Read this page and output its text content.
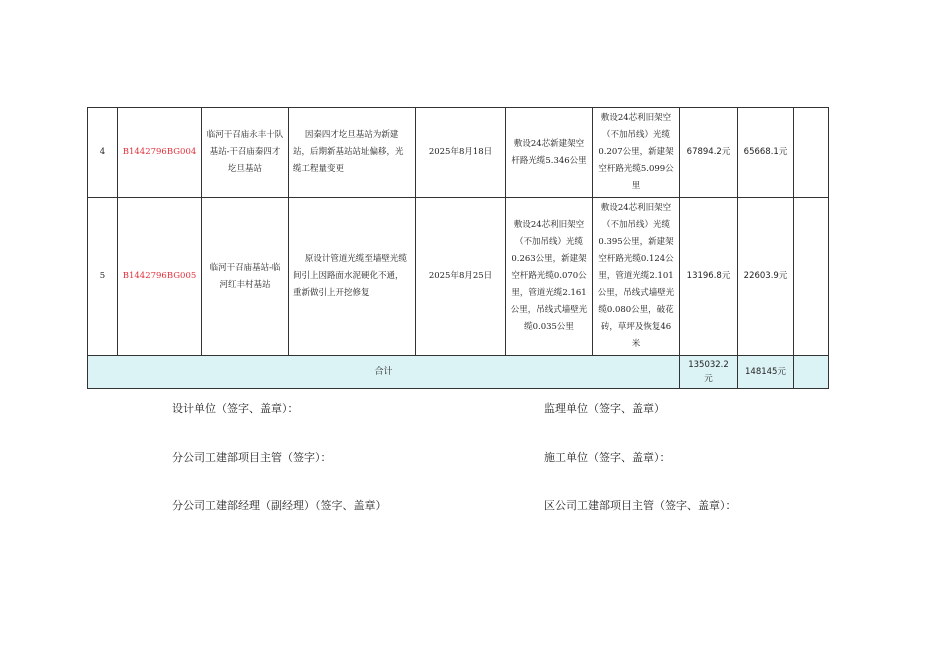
4	B1442796BG004	临河干召庙永丰十队基站-干召庙秦四才圪旦基站	因秦四才圪旦基站为新建站，后期新基站站址偏移，光缆工程量变更	2025年8月18日	敷设24芯新建架空杆路光缆5.346公里	敷设24芯利旧架空（不加吊线）光缆0.207公里，新建架空杆路光缆5.099公里	67894.2元	65668.1元	
5	B1442796BG005	临河干召庙基站-临河红丰村基站	原设计管道光缆至墙壁光缆间引上因路面水泥硬化不通，重新做引上开挖修复	2025年8月25日	敷设24芯利旧架空（不加吊线）光缆0.263公里，新建架空杆路光缆0.070公里，管道光缆2.161公里，吊线式墙壁光缆0.035公里	敷设24芯利旧架空（不加吊线）光缆0.395公里，新建架空杆路光缆0.124公里，管道光缆2.101公里，吊线式墙壁光缆0.080公里，破花砖，草坪及恢复46米	13196.8元	22603.9元	
合计							135032.2元	148145元	
设计单位（签字、盖章）：	监理单位（签字、盖章）
分公司工建部项目主管（签字）：	施工单位（签字、盖章）：
分公司工建部经理（副经理）（签字、盖章）	区公司工建部项目主管（签字、盖章）：
